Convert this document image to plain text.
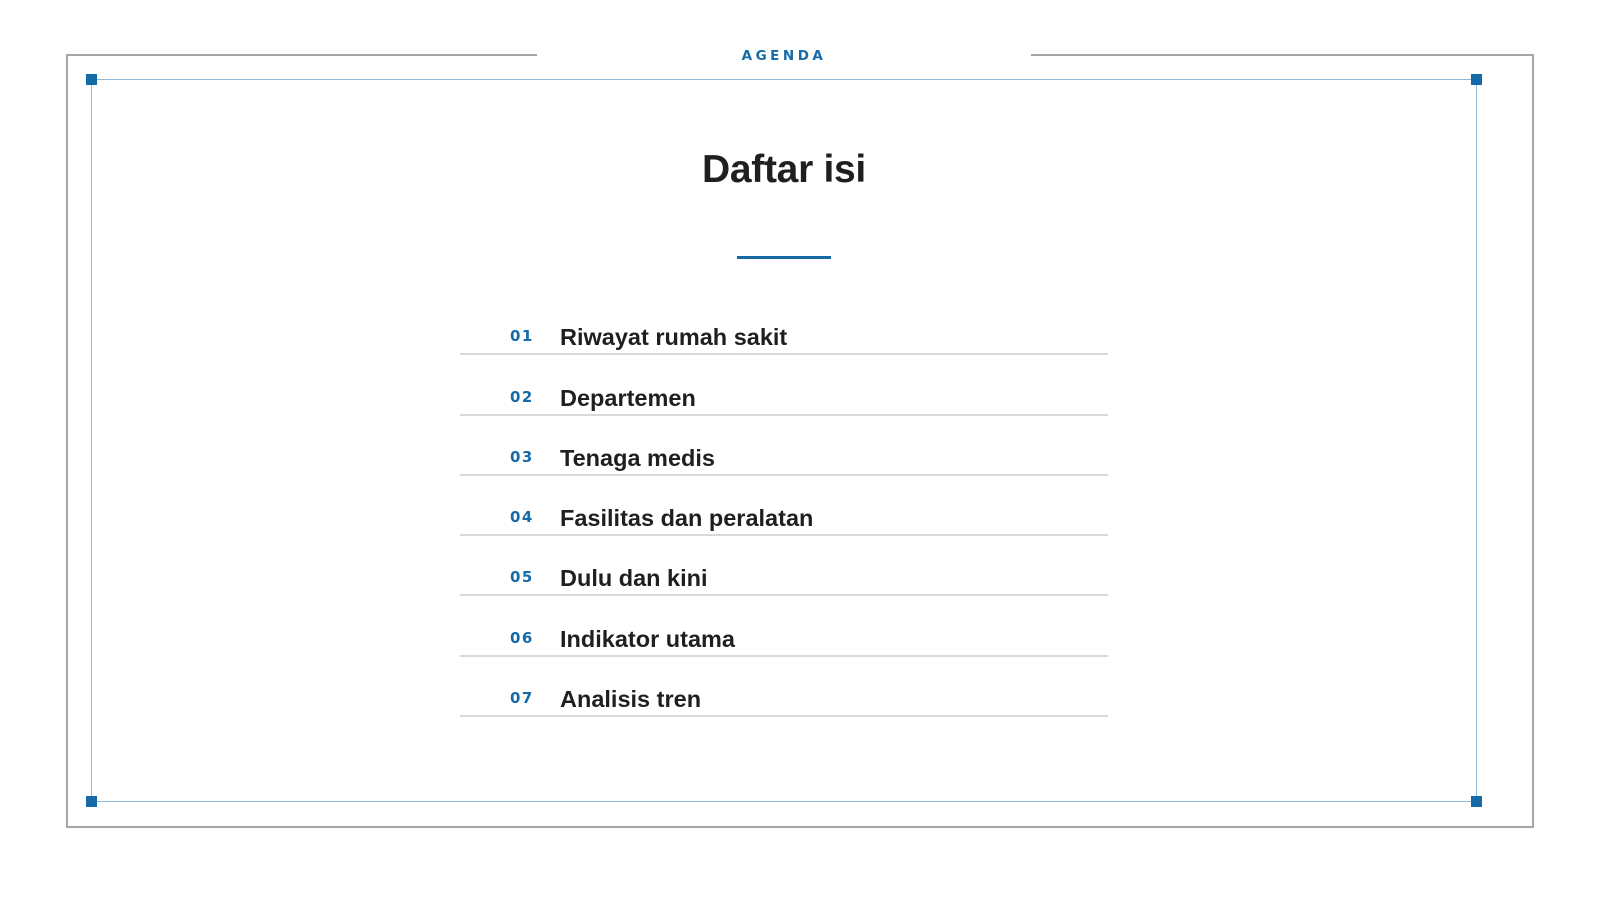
AGENDA
Daftar isi
01 Riwayat rumah sakit
02 Departemen
03 Tenaga medis
04 Fasilitas dan peralatan
05 Dulu dan kini
06 Indikator utama
07 Analisis tren
